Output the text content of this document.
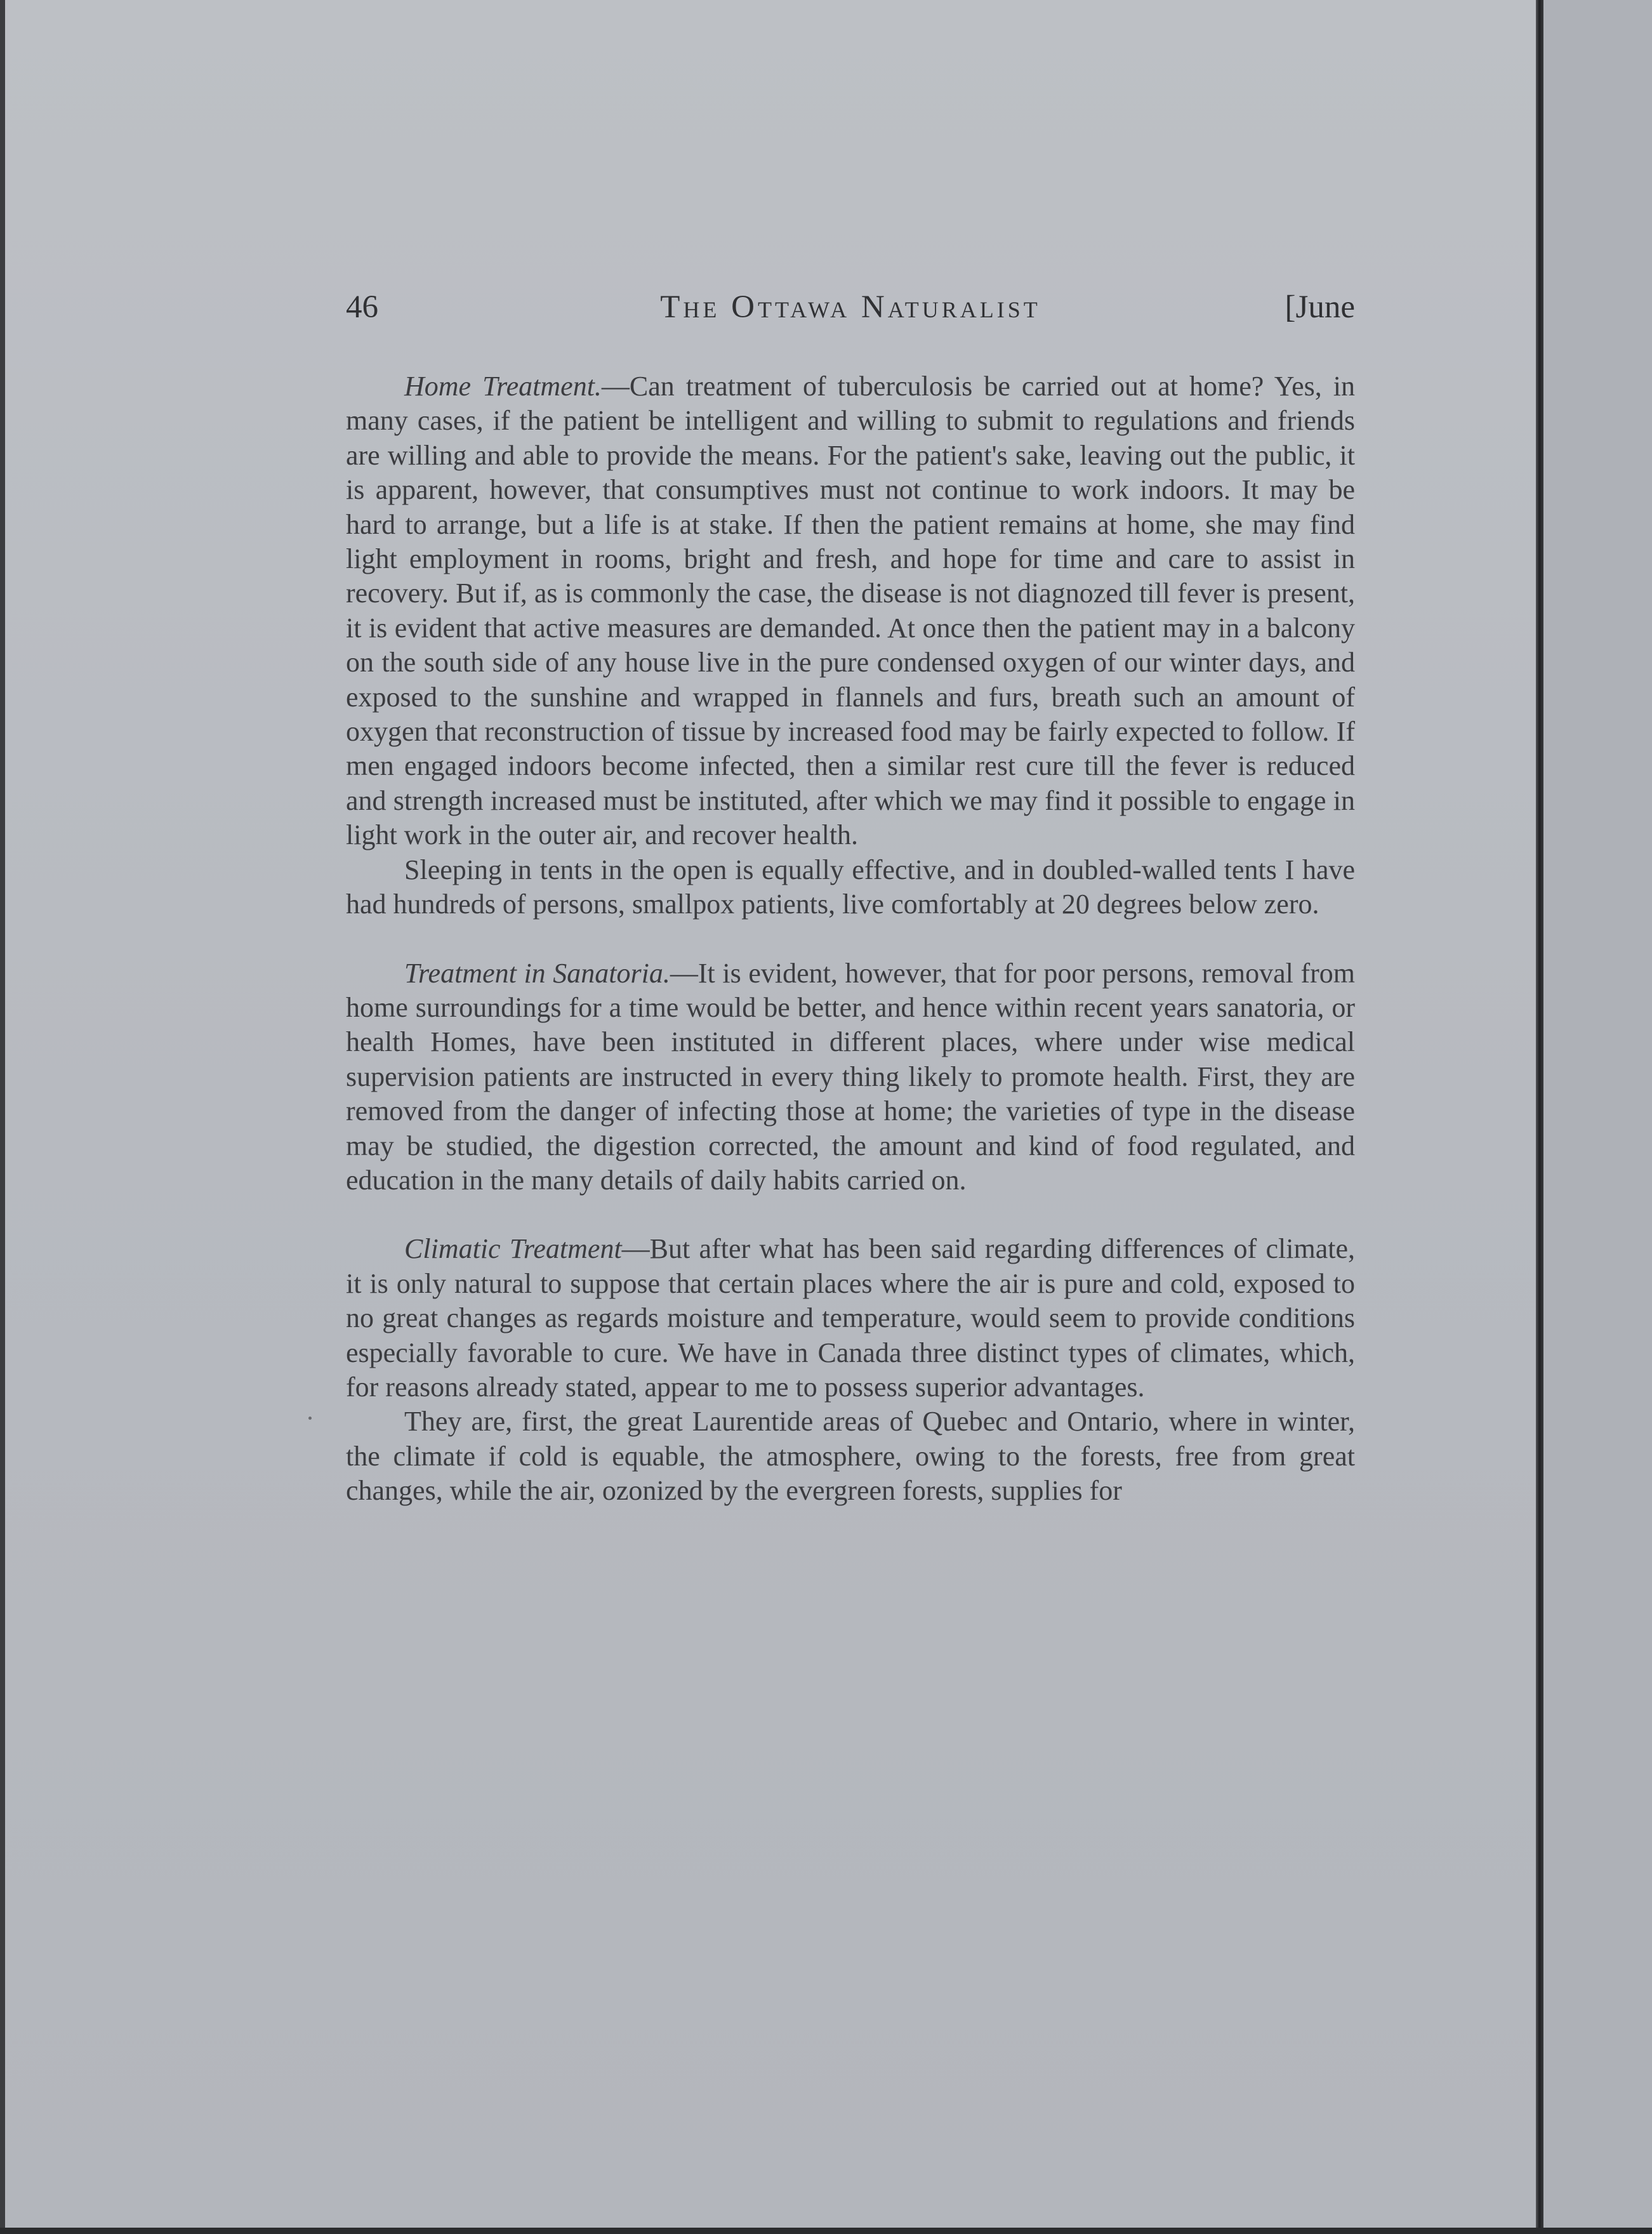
46	The Ottawa Naturalist	[June

Home Treatment.—Can treatment of tuberculosis be carried out at home? Yes, in many cases, if the patient be intelligent and willing to submit to regulations and friends are willing and able to provide the means. For the patient's sake, leaving out the public, it is apparent, however, that consumptives must not continue to work indoors. It may be hard to arrange, but a life is at stake. If then the patient remains at home, she may find light employment in rooms, bright and fresh, and hope for time and care to assist in recovery. But if, as is commonly the case, the disease is not diagnozed till fever is present, it is evident that active measures are demanded. At once then the patient may in a balcony on the south side of any house live in the pure condensed oxygen of our winter days, and exposed to the sunshine and wrapped in flannels and furs, breath such an amount of oxygen that reconstruction of tissue by increased food may be fairly expected to follow. If men engaged indoors become infected, then a similar rest cure till the fever is reduced and strength increased must be instituted, after which we may find it possible to engage in light work in the outer air, and recover health.

Sleeping in tents in the open is equally effective, and in doubled-walled tents I have had hundreds of persons, smallpox patients, live comfortably at 20 degrees below zero.

Treatment in Sanatoria.—It is evident, however, that for poor persons, removal from home surroundings for a time would be better, and hence within recent years sanatoria, or health Homes, have been instituted in different places, where under wise medical supervision patients are instructed in every thing likely to promote health. First, they are removed from the danger of infecting those at home; the varieties of type in the disease may be studied, the digestion corrected, the amount and kind of food regulated, and education in the many details of daily habits carried on.

Climatic Treatment—But after what has been said regarding differences of climate, it is only natural to suppose that certain places where the air is pure and cold, exposed to no great changes as regards moisture and temperature, would seem to provide conditions especially favorable to cure. We have in Canada three distinct types of climates, which, for reasons already stated, appear to me to possess superior advantages.

They are, first, the great Laurentide areas of Quebec and Ontario, where in winter, the climate if cold is equable, the atmosphere, owing to the forests, free from great changes, while the air, ozonized by the evergreen forests, supplies for
